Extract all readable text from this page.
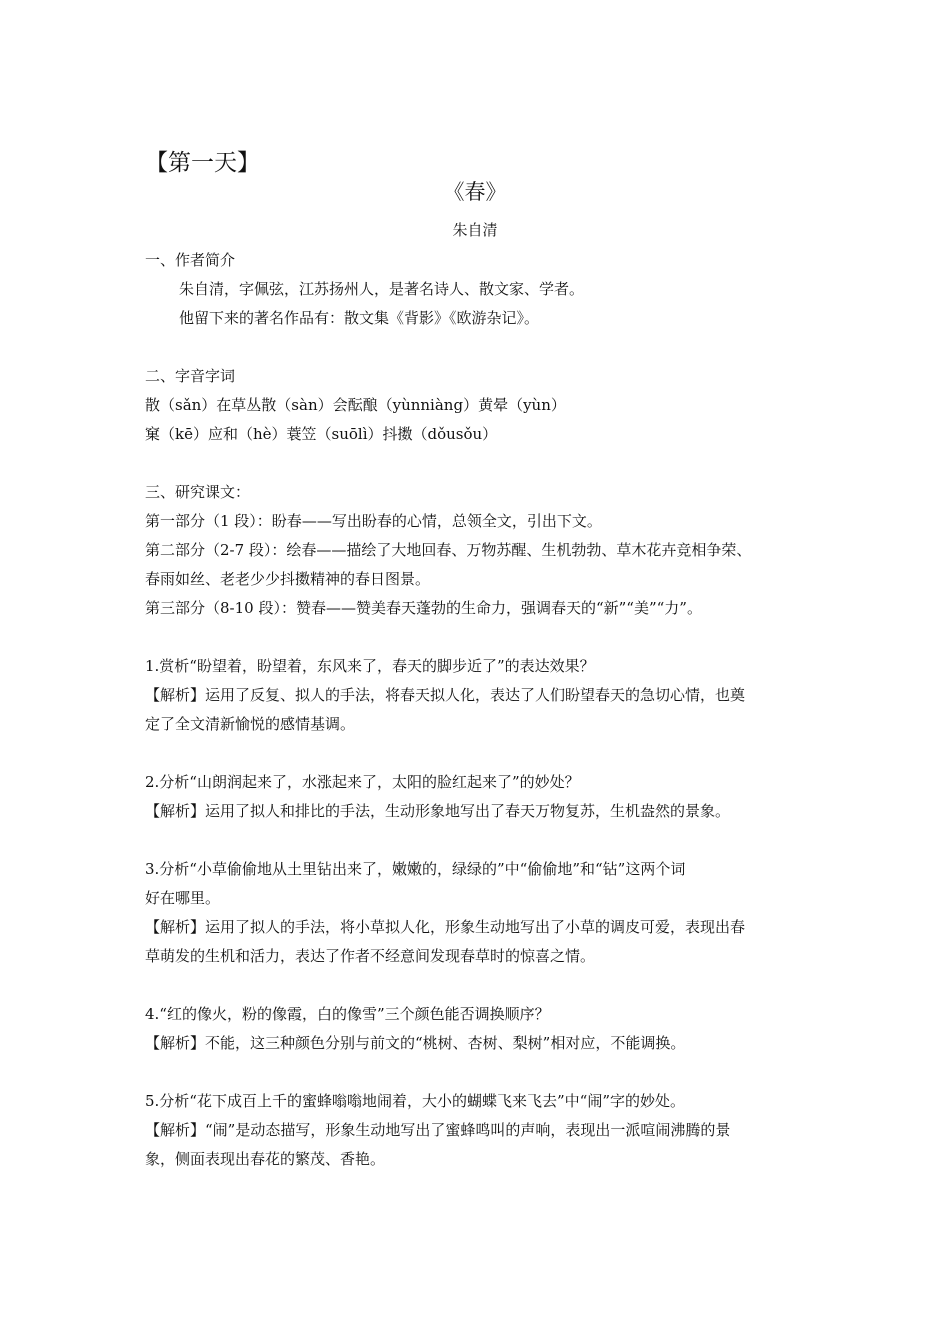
【第一天】
《春》
朱自清
一、作者简介
朱自清，字佩弦，江苏扬州人，是著名诗人、散文家、学者。
他留下来的著名作品有：散文集《背影》《欧游杂记》。
二、字音字词
散（sǎn）在草丛散（sàn）会酝酿（yùnniàng）黄晕（yùn）
窠（kē）应和（hè）蓑笠（suōlì）抖擞（dǒusǒu）
三、研究课文：
第一部分（1 段）：盼春——写出盼春的心情，总领全文，引出下文。
第二部分（2-7 段）：绘春——描绘了大地回春、万物苏醒、生机勃勃、草木花卉竞相争荣、
春雨如丝、老老少少抖擞精神的春日图景。
第三部分（8-10 段）：赞春——赞美春天蓬勃的生命力，强调春天的“新”“美”“力”。
1.赏析“盼望着，盼望着，东风来了，春天的脚步近了”的表达效果？
【解析】运用了反复、拟人的手法，将春天拟人化，表达了人们盼望春天的急切心情，也奠
定了全文清新愉悦的感情基调。
2.分析“山朗润起来了，水涨起来了，太阳的脸红起来了”的妙处？
【解析】运用了拟人和排比的手法，生动形象地写出了春天万物复苏，生机盎然的景象。
3.分析“小草偷偷地从土里钻出来了，嫩嫩的，绿绿的”中“偷偷地”和“钻”这两个词
好在哪里。
【解析】运用了拟人的手法，将小草拟人化，形象生动地写出了小草的调皮可爱，表现出春
草萌发的生机和活力，表达了作者不经意间发现春草时的惊喜之情。
4.“红的像火，粉的像霞，白的像雪”三个颜色能否调换顺序？
【解析】不能，这三种颜色分别与前文的“桃树、杏树、梨树”相对应，不能调换。
5.分析“花下成百上千的蜜蜂嗡嗡地闹着，大小的蝴蝶飞来飞去”中“闹”字的妙处。
【解析】“闹”是动态描写，形象生动地写出了蜜蜂鸣叫的声响，表现出一派喧闹沸腾的景
象，侧面表现出春花的繁茂、香艳。
